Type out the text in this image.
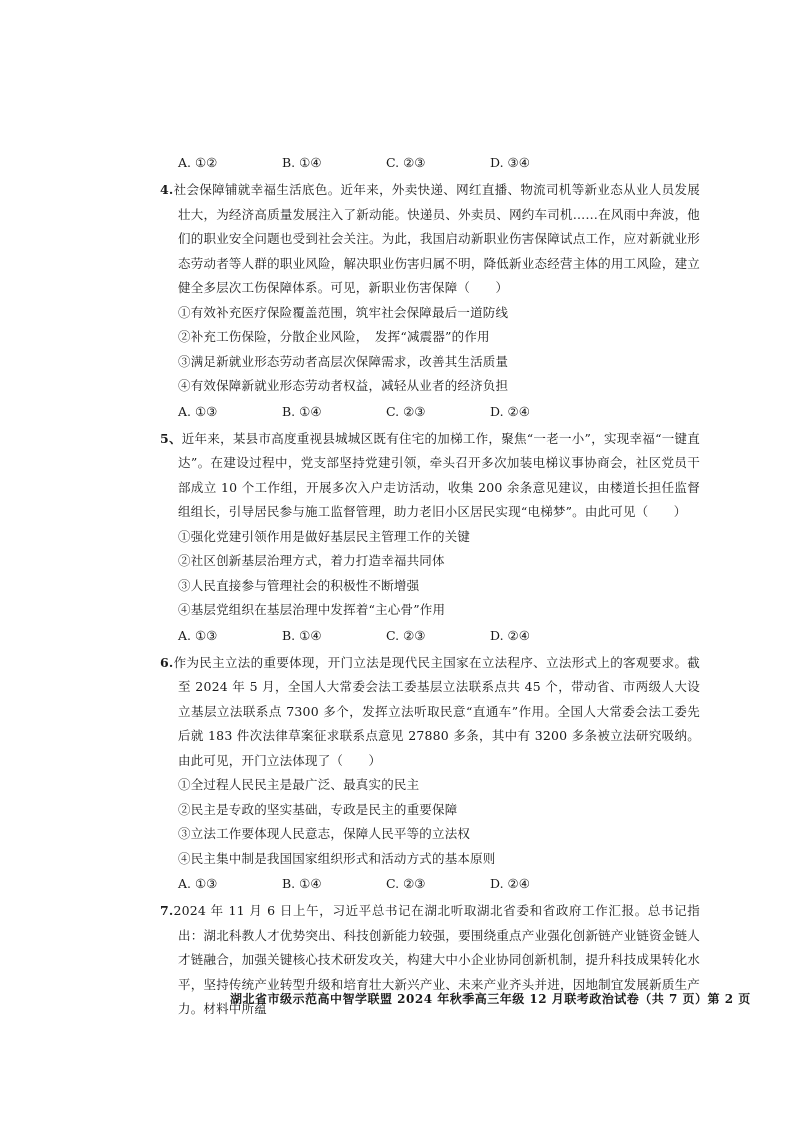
A. ①②	B. ①④	C. ②③	D. ③④
4.社会保障铺就幸福生活底色。近年来，外卖快递、网红直播、物流司机等新业态从业人员发展壮大，为经济高质量发展注入了新动能。快递员、外卖员、网约车司机……在风雨中奔波，他们的职业安全问题也受到社会关注。为此，我国启动新职业伤害保障试点工作，应对新就业形态劳动者等人群的职业风险，解决职业伤害归属不明，降低新业态经营主体的用工风险，建立健全多层次工伤保障体系。可见，新职业伤害保障（　　）
①有效补充医疗保险覆盖范围，筑牢社会保障最后一道防线
②补充工伤保险，分散企业风险，　发挥“减震器”的作用
③满足新就业形态劳动者高层次保障需求，改善其生活质量
④有效保障新就业形态劳动者权益，减轻从业者的经济负担
A. ①③	B. ①④	C. ②③	D. ②④
5、近年来，某县市高度重视县城城区既有住宅的加梯工作，聚焦“一老一小”，实现幸福“一键直达”。在建设过程中，党支部坚持党建引领，牵头召开多次加装电梯议事协商会，社区党员干部成立 10 个工作组，开展多次入户走访活动，收集 200 余条意见建议，由楼道长担任监督组组长，引导居民参与施工监督管理，助力老旧小区居民实现“电梯梦”。由此可见（　　）
①强化党建引领作用是做好基层民主管理工作的关键
②社区创新基层治理方式，着力打造幸福共同体
③人民直接参与管理社会的积极性不断增强
④基层党组织在基层治理中发挥着“主心骨”作用
A. ①③	B. ①④	C. ②③	D. ②④
6.作为民主立法的重要体现，开门立法是现代民主国家在立法程序、立法形式上的客观要求。截至 2024 年 5 月，全国人大常委会法工委基层立法联系点共 45 个，带动省、市两级人大设立基层立法联系点 7300 多个，发挥立法听取民意“直通车”作用。全国人大常委会法工委先后就 183 件次法律草案征求联系点意见 27880 多条，其中有 3200 多条被立法研究吸纳。由此可见，开门立法体现了（　　）
①全过程人民民主是最广泛、最真实的民主
②民主是专政的坚实基础，专政是民主的重要保障
③立法工作要体现人民意志，保障人民平等的立法权
④民主集中制是我国国家组织形式和活动方式的基本原则
A. ①③	B. ①④	C. ②③	D. ②④
7.2024 年 11 月 6 日上午，习近平总书记在湖北听取湖北省委和省政府工作汇报。总书记指出：湖北科教人才优势突出、科技创新能力较强，要围绕重点产业强化创新链产业链资金链人才链融合，加强关键核心技术研发攻关，构建大中小企业协同创新机制，提升科技成果转化水平，坚持传统产业转型升级和培育壮大新兴产业、未来产业齐头并进，因地制宜发展新质生产力。材料中所蕴
湖北省市级示范高中智学联盟 2024 年秋季高三年级 12 月联考政治试卷（共 7 页）第 2 页
